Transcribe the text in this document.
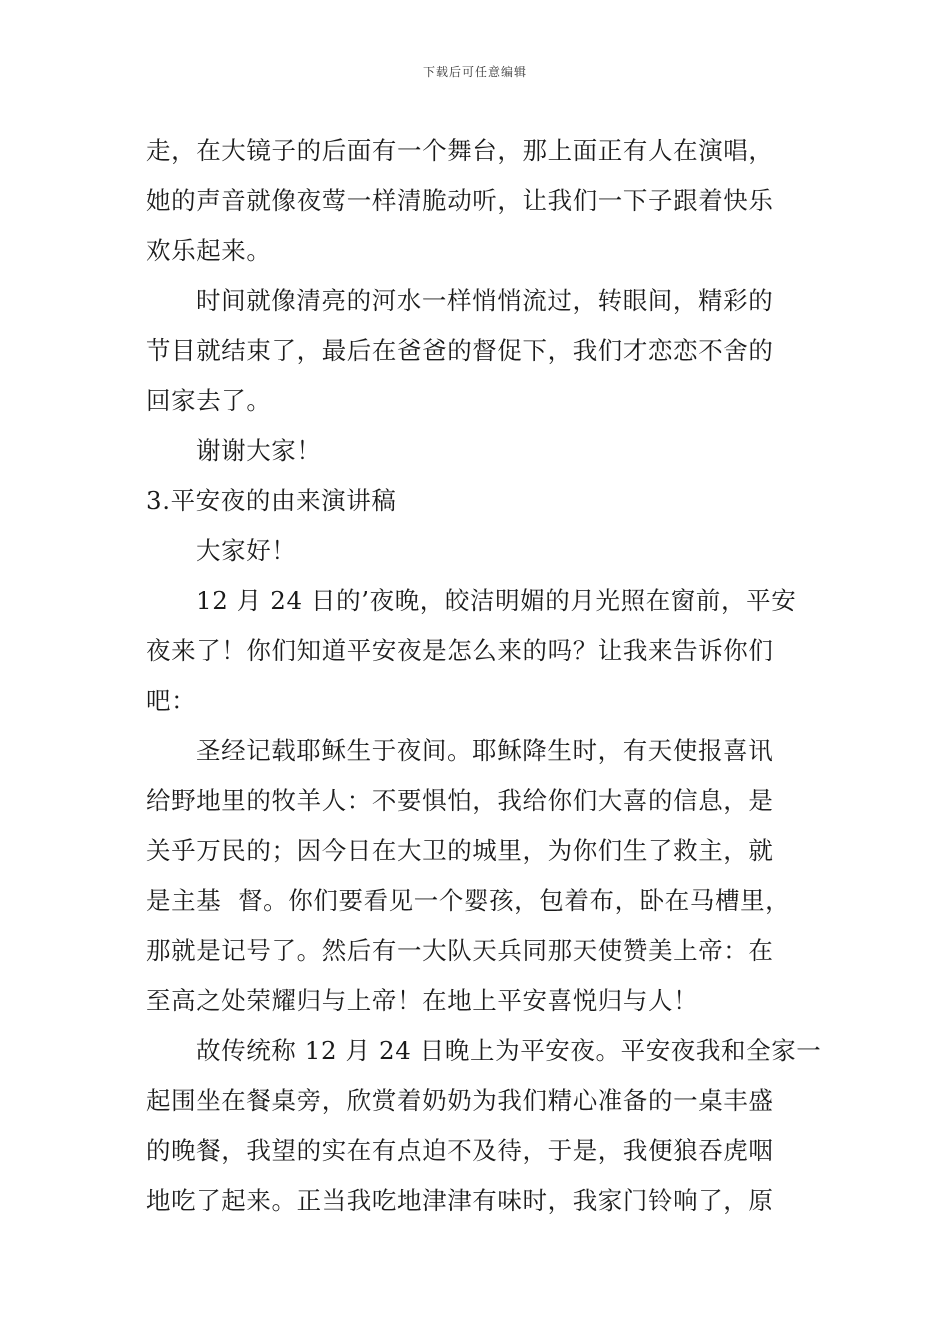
下载后可任意编辑
走，在大镜子的后面有一个舞台，那上面正有人在演唱，
她的声音就像夜莺一样清脆动听，让我们一下子跟着快乐
欢乐起来。
时间就像清亮的河水一样悄悄流过，转眼间，精彩的
节目就结束了，最后在爸爸的督促下，我们才恋恋不舍的
回家去了。
谢谢大家！
3.平安夜的由来演讲稿
大家好！
12 月 24 日的’夜晚，皎洁明媚的月光照在窗前，平安
夜来了！你们知道平安夜是怎么来的吗？让我来告诉你们
吧：
圣经记载耶稣生于夜间。耶稣降生时，有天使报喜讯
给野地里的牧羊人：不要惧怕，我给你们大喜的信息，是
关乎万民的；因今日在大卫的城里，为你们生了救主，就
是主基  督。你们要看见一个婴孩，包着布，卧在马槽里，
那就是记号了。然后有一大队天兵同那天使赞美上帝：在
至高之处荣耀归与上帝！在地上平安喜悦归与人！
故传统称 12 月 24 日晚上为平安夜。平安夜我和全家一
起围坐在餐桌旁，欣赏着奶奶为我们精心准备的一桌丰盛
的晚餐，我望的实在有点迫不及待，于是，我便狼吞虎咽
地吃了起来。正当我吃地津津有味时，我家门铃响了，原
